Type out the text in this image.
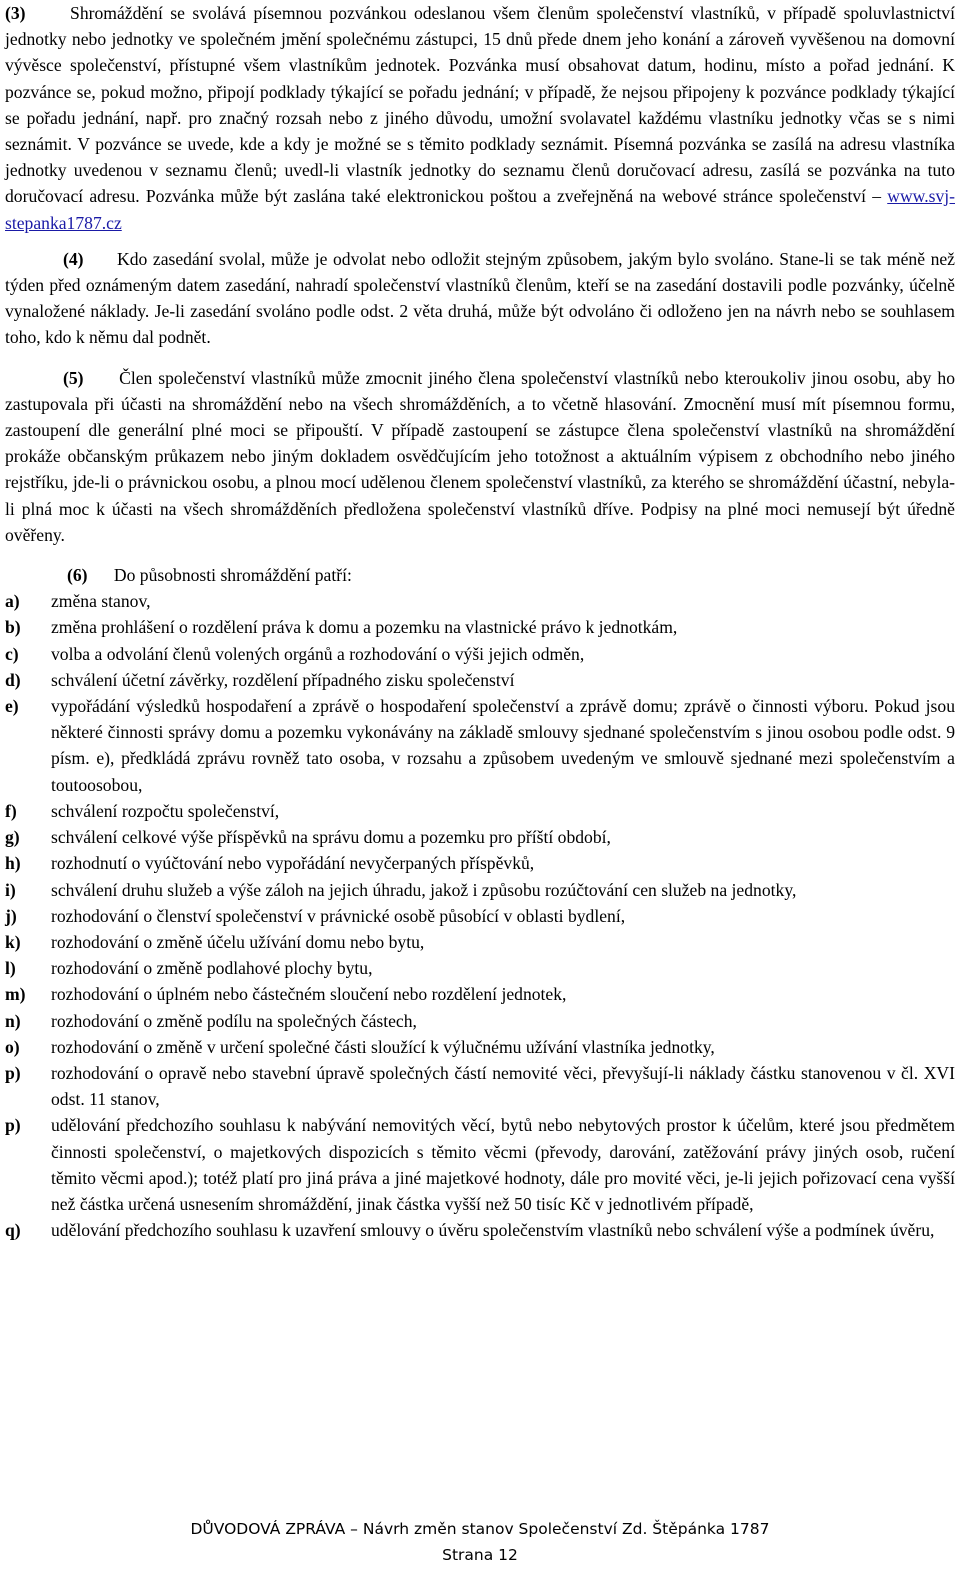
(3)	Shromáždění se svolává písemnou pozvánkou odeslanou všem členům společenství vlastníků, v případě spoluvlastnictví jednotky nebo jednotky ve společném jmění společnému zástupci, 15 dnů přede dnem jeho konání a zároveň vyvěšenou na domovní vývěsce společenství, přístupné všem vlastníkům jednotek. Pozvánka musí obsahovat datum, hodinu, místo a pořad jednání. K pozvánce se, pokud možno, připojí podklady týkající se pořadu jednání; v případě, že nejsou připojeny k pozvánce podklady týkající se pořadu jednání, např. pro značný rozsah nebo z jiného důvodu, umožní svolavatel každému vlastníku jednotky včas se s nimi seznámit. V pozvánce se uvede, kde a kdy je možné se s těmito podklady seznámit. Písemná pozvánka se zasílá na adresu vlastníka jednotky uvedenou v seznamu členů; uvedl-li vlastník jednotky do seznamu členů doručovací adresu, zasílá se pozvánka na tuto doručovací adresu. Pozvánka může být zaslána také elektronickou poštou a zveřejněná na webové stránce společenství – www.svj-stepanka1787.cz

(4) Kdo zasedání svolal, může je odvolat nebo odložit stejným způsobem, jakým bylo svoláno. Stane-li se tak méně než týden před oznámeným datem zasedání, nahradí společenství vlastníků členům, kteří se na zasedání dostavili podle pozvánky, účelně vynaložené náklady. Je-li zasedání svoláno podle odst. 2 věta druhá, může být odvoláno či odloženo jen na návrh nebo se souhlasem toho, kdo k němu dal podnět.

(5) Člen společenství vlastníků může zmocnit jiného člena společenství vlastníků nebo kteroukoliv jinou osobu, aby ho zastupovala při účasti na shromáždění nebo na všech shromážděních, a to včetně hlasování. Zmocnění musí mít písemnou formu, zastoupení dle generální plné moci se připouští. V případě zastoupení se zástupce člena společenství vlastníků na shromáždění prokáže občanským průkazem nebo jiným dokladem osvědčujícím jeho totožnost a aktuálním výpisem z obchodního nebo jiného rejstříku, jde-li o právnickou osobu, a plnou mocí udělenou členem společenství vlastníků, za kterého se shromáždění účastní, nebyla-li plná moc k účasti na všech shromážděních předložena společenství vlastníků dříve. Podpisy na plné moci nemusejí být úředně ověřeny.

(6) Do působnosti shromáždění patří:

a)	změna stanov,
b)	změna prohlášení o rozdělení práva k domu a pozemku na vlastnické právo k jednotkám,
c)	volba a odvolání členů volených orgánů a rozhodování o výši jejich odměn,
d)	schválení účetní závěrky, rozdělení případného zisku společenství
e)	vypořádání výsledků hospodaření a zprávě o hospodaření společenství a zprávě domu; zprávě o činnosti výboru. Pokud jsou některé činnosti správy domu a pozemku vykonávány na základě smlouvy sjednané společenstvím s jinou osobou podle odst. 9 písm. e), předkládá zprávu rovněž tato osoba, v rozsahu a způsobem uvedeným ve smlouvě sjednané mezi společenstvím a toutoosobou,
f)	schválení rozpočtu společenství,
g)	schválení celkové výše příspěvků na správu domu a pozemku pro příští období,
h)	rozhodnutí o vyúčtování nebo vypořádání nevyčerpaných příspěvků,
i)	schválení druhu služeb a výše záloh na jejich úhradu, jakož i způsobu rozúčtování cen služeb na jednotky,
j)	rozhodování o členství společenství v právnické osobě působící v oblasti bydlení,
k)	rozhodování o změně účelu užívání domu nebo bytu,
l)	rozhodování o změně podlahové plochy bytu,
m)	rozhodování o úplném nebo částečném sloučení nebo rozdělení jednotek,
n)	rozhodování o změně podílu na společných částech,
o)	rozhodování o změně v určení společné části sloužící k výlučnému užívání vlastníka jednotky,
p)	rozhodování o opravě nebo stavební úpravě společných částí nemovité věci, převyšují-li náklady částku stanovenou v čl. XVI odst. 11 stanov,
p)	udělování předchozího souhlasu k nabývání nemovitých věcí, bytů nebo nebytových prostor k účelům, které jsou předmětem činnosti společenství, o majetkových dispozicích s těmito věcmi (převody, darování, zatěžování právy jiných osob, ručení těmito věcmi apod.); totéž platí pro jiná práva a jiné majetkové hodnoty, dále pro movité věci, je-li jejich pořizovací cena vyšší než částka určená usnesením shromáždění, jinak částka vyšší než 50 tisíc Kč v jednotlivém případě,
q)	udělování předchozího souhlasu k uzavření smlouvy o úvěru společenstvím vlastníků nebo schválení výše a podmínek úvěru,
DŮVODOVÁ ZPRÁVA – Návrh změn stanov Společenství Zd. Štěpánka 1787
Strana 12
